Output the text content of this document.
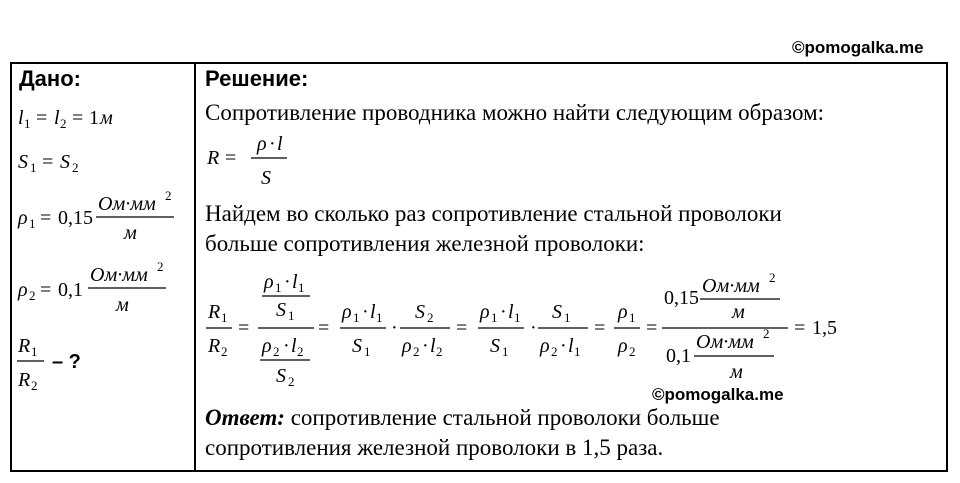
©pomogalka.me
Дано:
l 1 = l 2 = 1 м
S 1 = S 2
ρ 1 = 0,15
Ом·мм 2
м
ρ 2 = 0,1
Ом·мм 2
м
R 1
R 2
– ?
Решение:
Сопротивление проводника можно найти следующим образом:
R =
ρ · l
S
Найдем во сколько раз сопротивление стальной проволоки
больше сопротивления железной проволоки:
R 1
R 2
=
ρ 1 · l 1
S 1
ρ 2 · l 2
S 2
=
ρ 1 · l 1
S 1
·
S 2
ρ 2 · l 2
=
ρ 1 · l 1
S 1
·
S 1
ρ 2 · l 1
=
ρ 1
ρ 2
=
0,15
Ом·мм 2
м
0,1
Ом·мм 2
м
= 1,5
©pomogalka.me
Ответ: сопротивление стальной проволоки больше
сопротивления железной проволоки в 1,5 раза.
